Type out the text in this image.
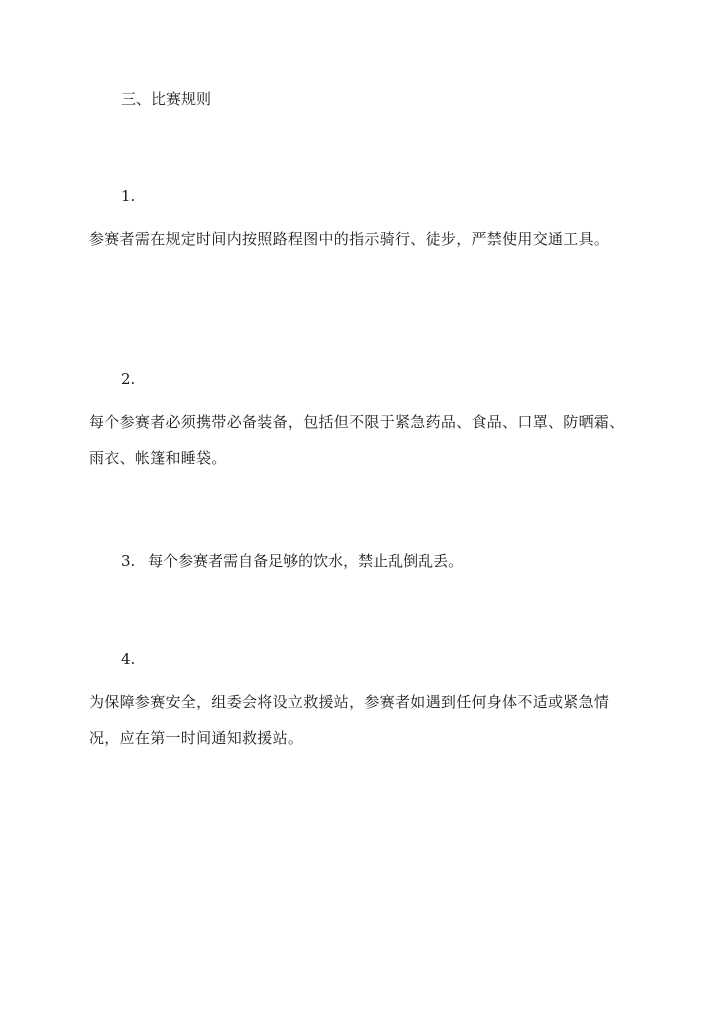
三、比赛规则
1.
参赛者需在规定时间内按照路程图中的指示骑行、徒步，严禁使用交通工具。
2.
每个参赛者必须携带必备装备，包括但不限于紧急药品、食品、口罩、防晒霜、雨衣、帐篷和睡袋。
3. 每个参赛者需自备足够的饮水，禁止乱倒乱丢。
4.
为保障参赛安全，组委会将设立救援站，参赛者如遇到任何身体不适或紧急情况，应在第一时间通知救援站。
